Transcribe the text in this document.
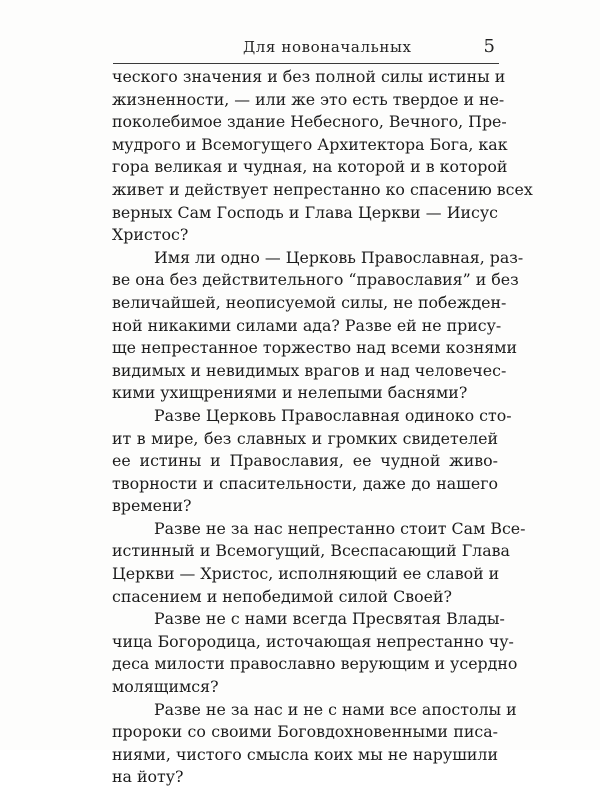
Для новоначальных	5
ческого значения и без полной силы истины и
жизненности, — или же это есть твердое и не-
поколебимое здание Небесного, Вечного, Пре-
мудрого и Всемогущего Архитектора Бога, как
гора великая и чудная, на которой и в которой
живет и действует непрестанно ко спасению всех
верных Сам Господь и Глава Церкви — Иисус
Христос?
Имя ли одно — Церковь Православная, раз-
ве она без действительного “православия” и без
величайшей, неописуемой силы, не побежден-
ной никакими силами ада? Разве ей не прису-
ще непрестанное торжество над всеми кознями
видимых и невидимых врагов и над человечес-
кими ухищрениями и нелепыми баснями?
Разве Церковь Православная одиноко сто-
ит в мире, без славных и громких свидетелей
ее истины и Православия, ее чудной живо-
творности и спасительности, даже до нашего
времени?
Разве не за нас непрестанно стоит Сам Все-
истинный и Всемогущий, Всеспасающий Глава
Церкви — Христос, исполняющий ее славой и
спасением и непобедимой силой Своей?
Разве не с нами всегда Пресвятая Влады-
чица Богородица, источающая непрестанно чу-
деса милости православно верующим и усердно
молящимся?
Разве не за нас и не с нами все апостолы и
пророки со своими Боговдохновенными писа-
ниями, чистого смысла коих мы не нарушили
на йоту?
